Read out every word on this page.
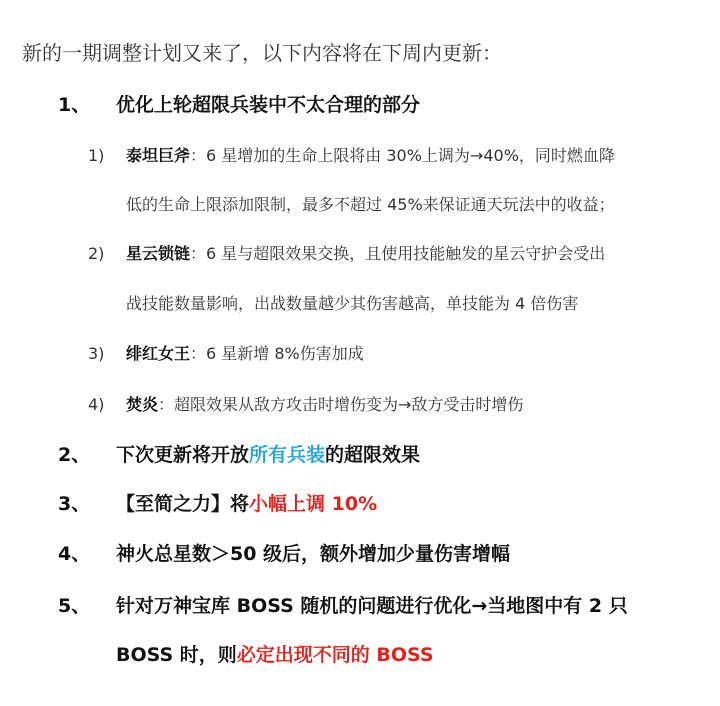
新的一期调整计划又来了，以下内容将在下周内更新：
1、 优化上轮超限兵装中不太合理的部分
1) 泰坦巨斧：6 星增加的生命上限将由 30%上调为→40%，同时燃血降
低的生命上限添加限制，最多不超过 45%来保证通天玩法中的收益；
2) 星云锁链：6 星与超限效果交换，且使用技能触发的星云守护会受出
战技能数量影响，出战数量越少其伤害越高，单技能为 4 倍伤害
3) 绯红女王：6 星新增 8%伤害加成
4) 焚炎：超限效果从敌方攻击时增伤变为→敌方受击时增伤
2、 下次更新将开放所有兵装的超限效果
3、 【至简之力】将小幅上调 10%
4、 神火总星数＞50 级后，额外增加少量伤害增幅
5、 针对万神宝库 BOSS 随机的问题进行优化→当地图中有 2 只
BOSS 时，则必定出现不同的 BOSS
